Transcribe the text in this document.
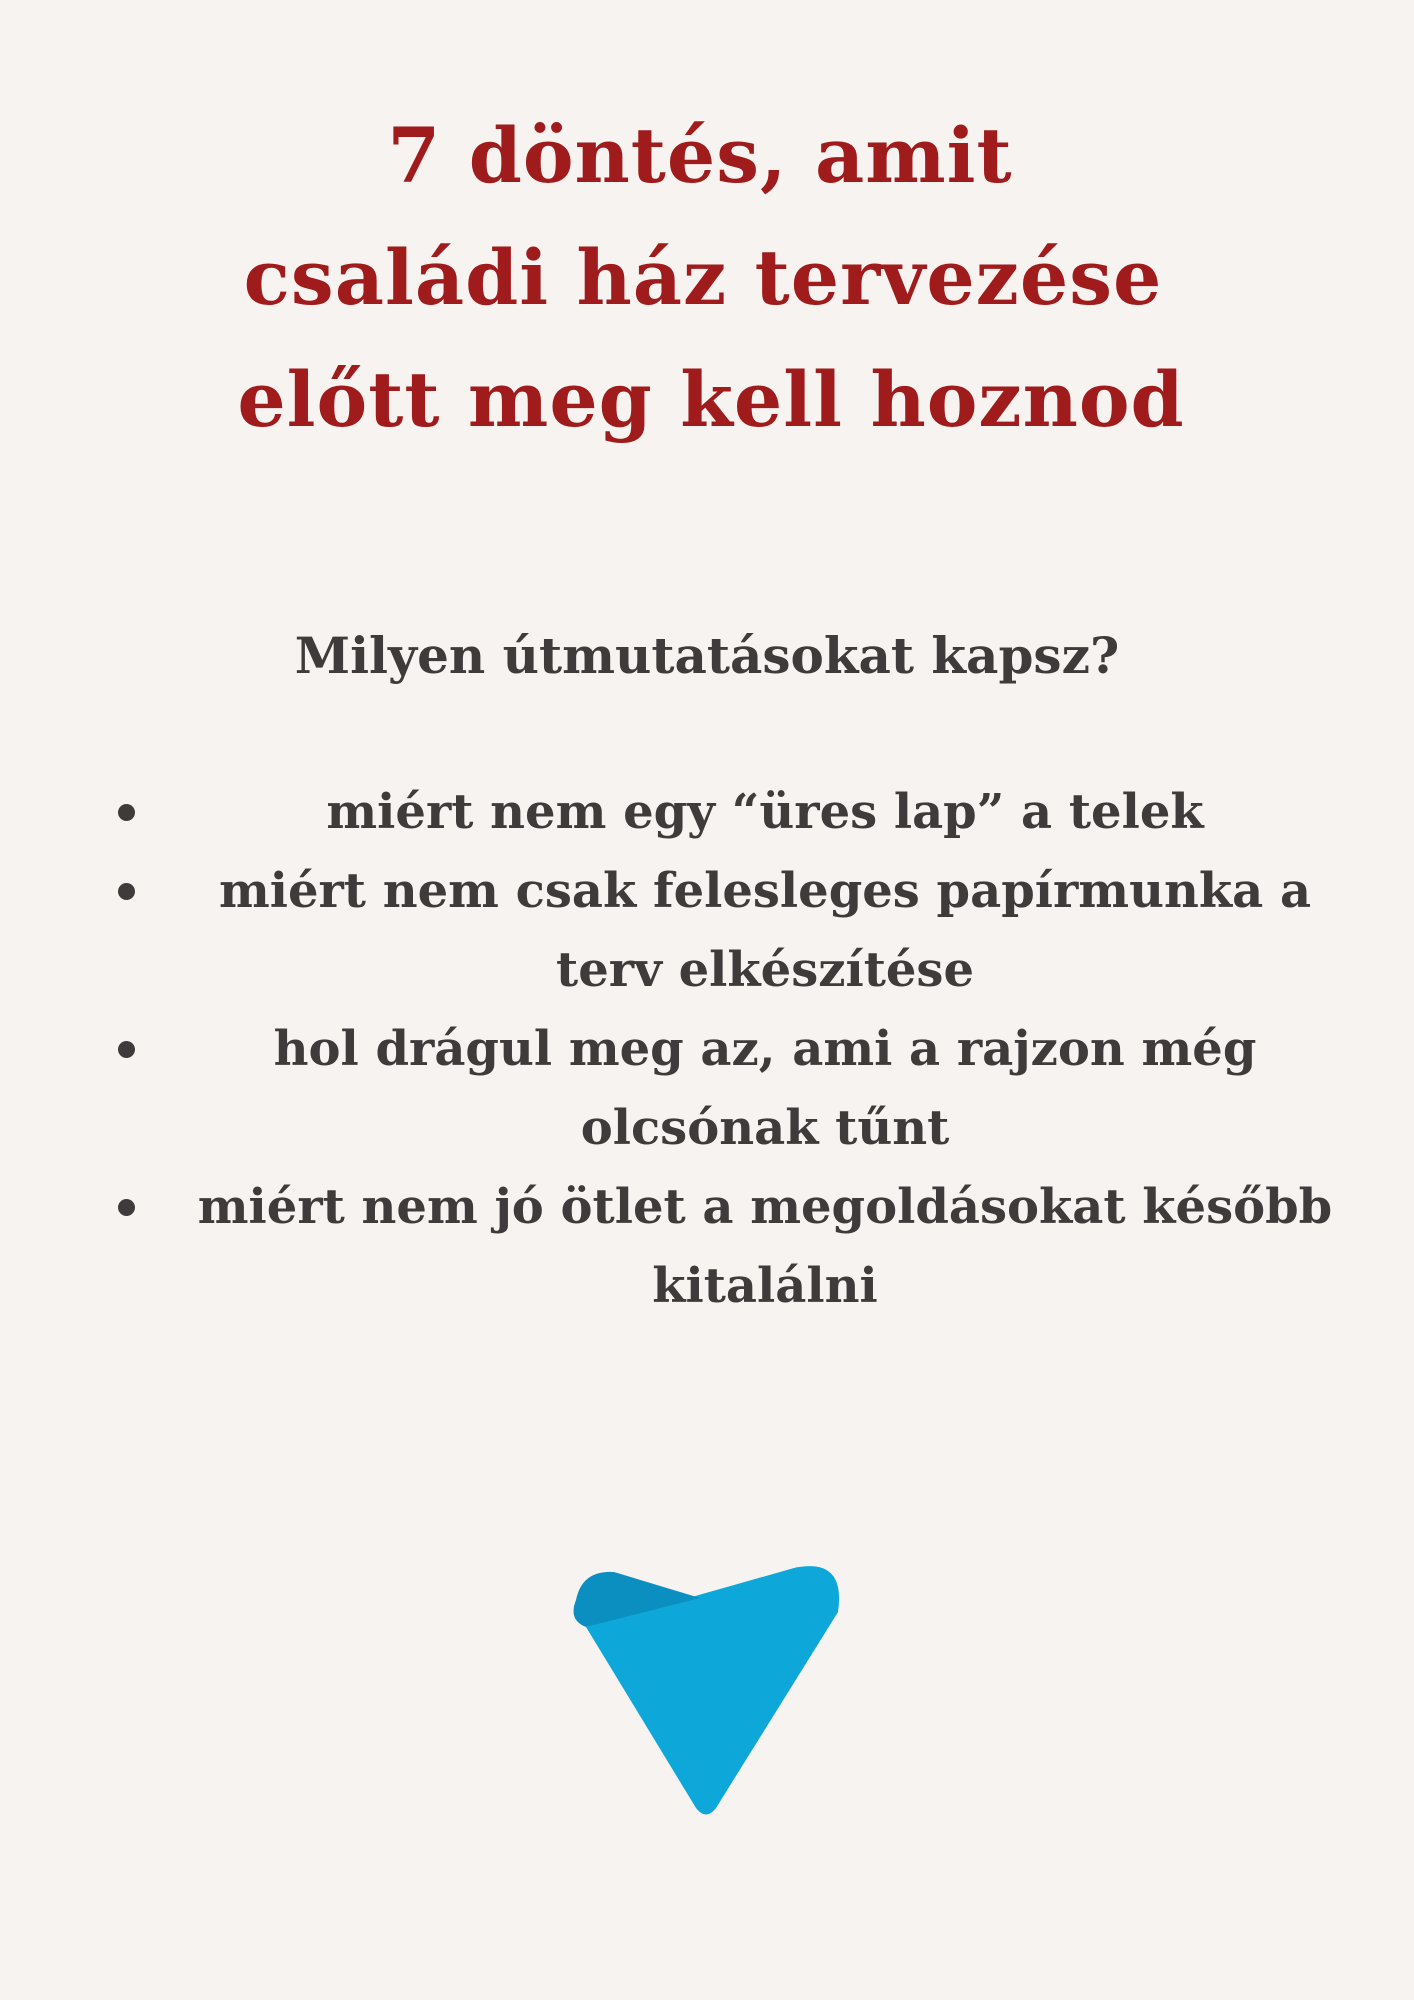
7 döntés, amit
családi ház tervezése
előtt meg kell hoznod
Milyen útmutatásokat kapsz?
miért nem egy “üres lap” a telek
miért nem csak felesleges papírmunka a terv elkészítése
hol drágul meg az, ami a rajzon még olcsónak tűnt
miért nem jó ötlet a megoldásokat később kitalálni
